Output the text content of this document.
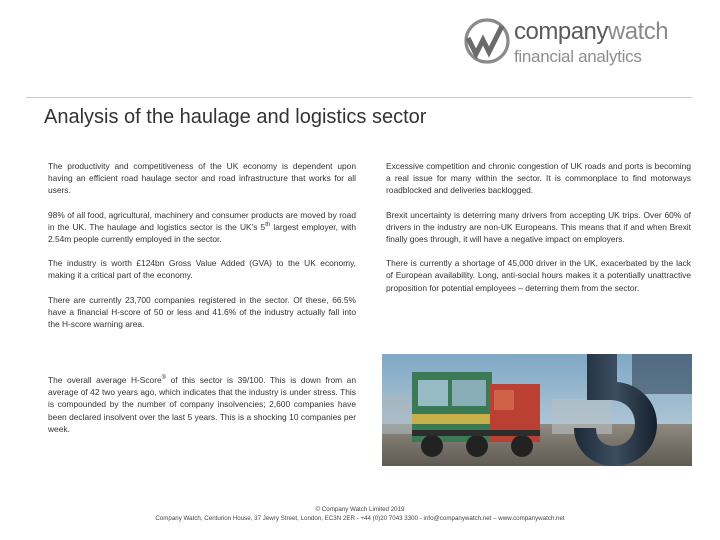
companywatch
financial analytics
Analysis of the haulage and logistics sector

The productivity and competitiveness of the UK economy is dependent upon having an efficient road haulage sector and road infrastructure that works for all users.

98% of all food, agricultural, machinery and consumer products are moved by road in the UK. The haulage and logistics sector is the UK's 5th largest employer, with 2.54m people currently employed in the sector.

The industry is worth £124bn Gross Value Added (GVA) to the UK economy, making it a critical part of the economy.

There are currently 23,700 companies registered in the sector. Of these, 66.5% have a financial H-score of 50 or less and 41.6% of the industry actually fall into the H-score warning area.

The overall average H-Score® of this sector is 39/100. This is down from an average of 42 two years ago, which indicates that the industry is under stress. This is compounded by the number of company insolvencies; 2,600 companies have been declared insolvent over the last 5 years. This is a shocking 10 companies per week.

Excessive competition and chronic congestion of UK roads and ports is becoming a real issue for many within the sector. It is commonplace to find motorways roadblocked and deliveries backlogged.

Brexit uncertainty is deterring many drivers from accepting UK trips. Over 60% of drivers in the industry are non-UK Europeans. This means that if and when Brexit finally goes through, it will have a negative impact on employers.

There is currently a shortage of 45,000 driver in the UK, exacerbated by the lack of European availability. Long, anti-social hours makes it a potentially unattractive proposition for potential employees – deterring them from the sector.

© Company Watch Limited 2019
Company Watch, Centurion House, 37 Jewry Street, London, EC3N 2ER - +44 (0)20 7043 3300 - info@companywatch.net – www.companywatch.net
